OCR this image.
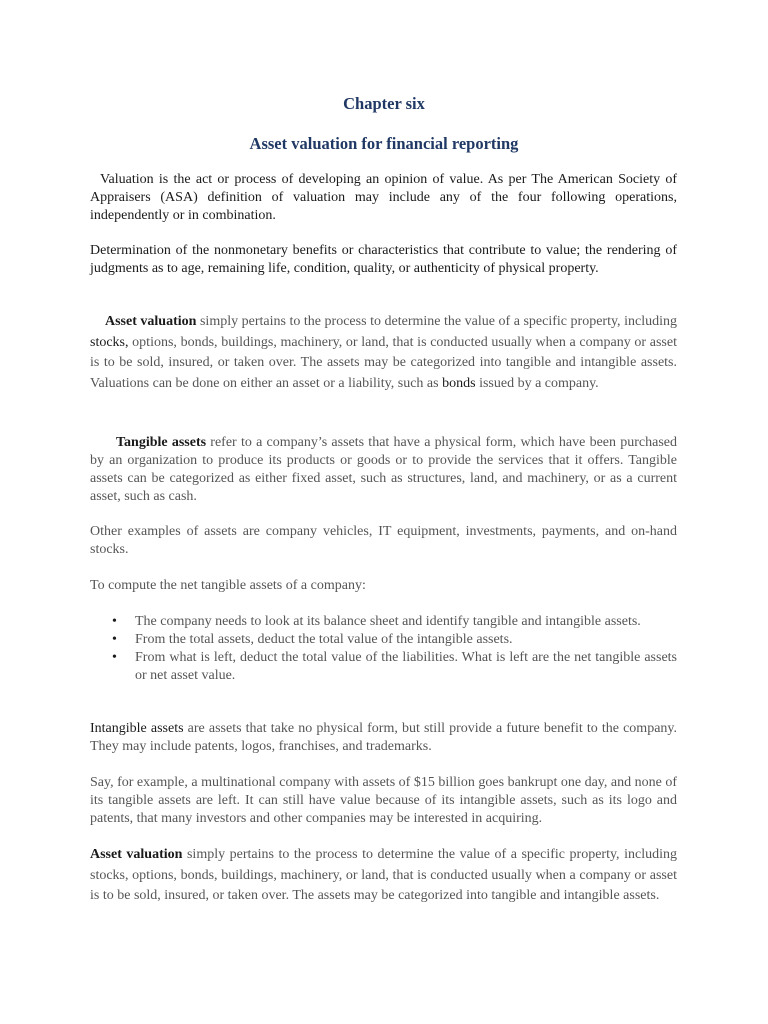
Chapter six
Asset valuation for financial reporting

Valuation is the act or process of developing an opinion of value. As per The American Society of Appraisers (ASA) definition of valuation may include any of the four following operations, independently or in combination.

Determination of the nonmonetary benefits or characteristics that contribute to value; the rendering of judgments as to age, remaining life, condition, quality, or authenticity of physical property.

Asset valuation simply pertains to the process to determine the value of a specific property, including stocks, options, bonds, buildings, machinery, or land, that is conducted usually when a company or asset is to be sold, insured, or taken over. The assets may be categorized into tangible and intangible assets. Valuations can be done on either an asset or a liability, such as bonds issued by a company.

Tangible assets refer to a company’s assets that have a physical form, which have been purchased by an organization to produce its products or goods or to provide the services that it offers. Tangible assets can be categorized as either fixed asset, such as structures, land, and machinery, or as a current asset, such as cash.

Other examples of assets are company vehicles, IT equipment, investments, payments, and on-hand stocks.

To compute the net tangible assets of a company:

• The company needs to look at its balance sheet and identify tangible and intangible assets.
• From the total assets, deduct the total value of the intangible assets.
• From what is left, deduct the total value of the liabilities. What is left are the net tangible assets or net asset value.

Intangible assets are assets that take no physical form, but still provide a future benefit to the company. They may include patents, logos, franchises, and trademarks.

Say, for example, a multinational company with assets of $15 billion goes bankrupt one day, and none of its tangible assets are left. It can still have value because of its intangible assets, such as its logo and patents, that many investors and other companies may be interested in acquiring.

Asset valuation simply pertains to the process to determine the value of a specific property, including stocks, options, bonds, buildings, machinery, or land, that is conducted usually when a company or asset is to be sold, insured, or taken over. The assets may be categorized into tangible and intangible assets.
